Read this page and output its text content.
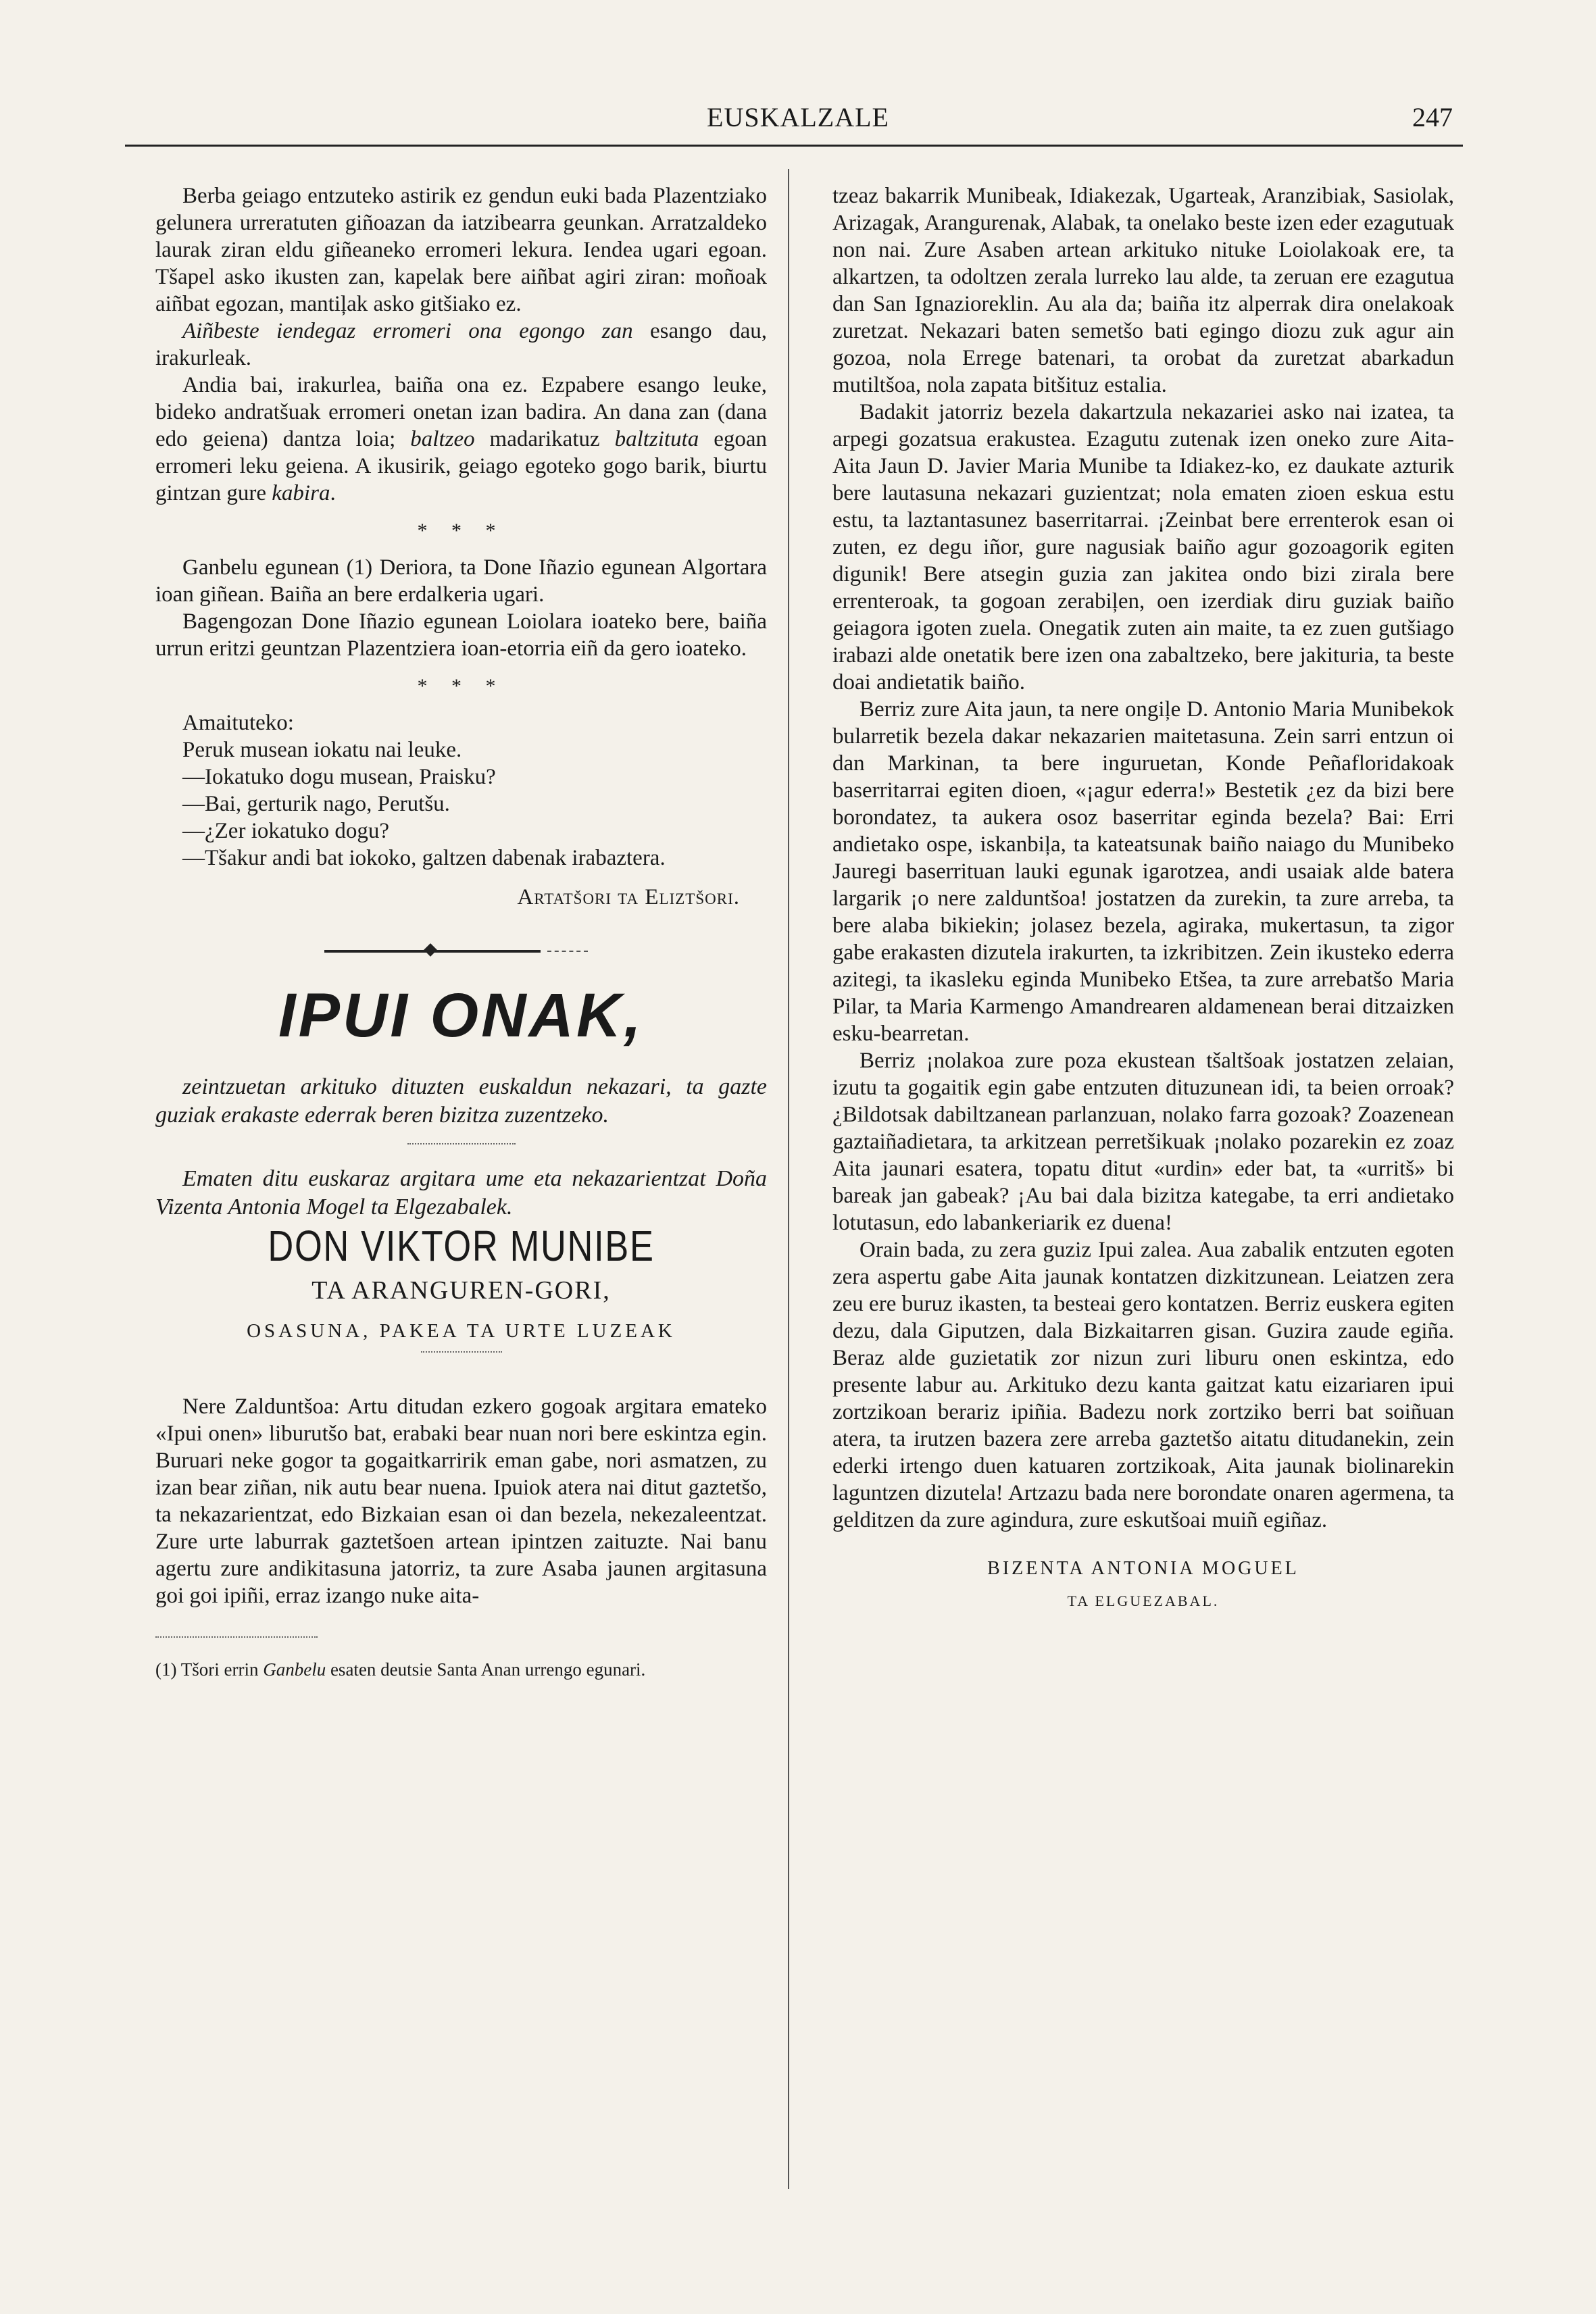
EUSKALZALE	247

Berba geiago entzuteko astirik ez gendun euki bada Plazentziako gelunera urreratuten giñoazan da iatzibearra geunkan. Arratzaldeko laurak ziran eldu giñeaneko erromeri lekura. Iendea ugari egoan. Tšapel asko ikusten zan, kapelak bere aiñbat agiri ziran: moñoak aiñbat egozan, mantiļak asko gitšiako ez.

Aiñbeste iendegaz erromeri ona egongo zan esango dau, irakurleak.

Andia bai, irakurlea, baiña ona ez. Ezpabere esango leuke, bideko andratšuak erromeri onetan izan badira. An dana zan (dana edo geiena) dantza loia; baltzeo madarikatuz baltzituta egoan erromeri leku geiena. A ikusirik, geiago egoteko gogo barik, biurtu gintzan gure kabira.

* * *

Ganbelu egunean (1) Deriora, ta Done Iñazio egunean Algortara ioan giñean. Baiña an bere erdalkeria ugari.

Bagengozan Done Iñazio egunean Loiolara ioateko bere, baiña urrun eritzi geuntzan Plazentziera ioan-etorria eiñ da gero ioateko.

* * *

Amaituteko:

Peruk musean iokatu nai leuke.

—Iokatuko dogu musean, Praisku?

—Bai, gerturik nago, Perutšu.

—¿Zer iokatuko dogu?

—Tšakur andi bat iokoko, galtzen dabenak irabaztera.

Artatšori ta Eliztšori.
IPUI ONAK,

zeintzuetan arkituko dituzten euskaldun nekazari, ta gazte guziak erakaste ederrak beren bizitza zuzentzeko.

Ematen ditu euskaraz argitara ume eta nekazarientzat Doña Vizenta Antonia Mogel ta Elgezabalek.

DON VIKTOR MUNIBE
TA ARANGUREN-GORI,
OSASUNA, PAKEA TA URTE LUZEAK

Nere Zalduntšoa: Artu ditudan ezkero gogoak argitara emateko «Ipui onen» liburutšo bat, erabaki bear nuan nori bere eskintza egin. Buruari neke gogor ta gogaitkarririk eman gabe, nori asmatzen, zu izan bear ziñan, nik autu bear nuena. Ipuiok atera nai ditut gaztetšo, ta nekazarientzat, edo Bizkaian esan oi dan bezela, nekezaleentzat. Zure urte laburrak gaztetšoen artean ipintzen zaituzte. Nai banu agertu zure andikitasuna jatorriz, ta zure Asaba jaunen argitasuna goi goi ipiñi, erraz izango nuke aita-

(1) Tšori errin Ganbelu esaten deutsie Santa Anan urrengo egunari.

tzeaz bakarrik Munibeak, Idiakezak, Ugarteak, Aranzibiak, Sasiolak, Arizagak, Arangurenak, Alabak, ta onelako beste izen eder ezagutuak non nai. Zure Asaben artean arkituko nituke Loiolakoak ere, ta alkartzen, ta odoltzen zerala lurreko lau alde, ta zeruan ere ezagutua dan San Ignazioreklin. Au ala da; baiña itz alperrak dira onelakoak zuretzat. Nekazari baten semetšo bati egingo diozu zuk agur ain gozoa, nola Errege batenari, ta orobat da zuretzat abarkadun mutiltšoa, nola zapata bitšituz estalia.

Badakit jatorriz bezela dakartzula nekazariei asko nai izatea, ta arpegi gozatsua erakustea. Ezagutu zutenak izen oneko zure Aita-Aita Jaun D. Javier Maria Munibe ta Idiakez-ko, ez daukate azturik bere lautasuna nekazari guzientzat; nola ematen zioen eskua estu estu, ta laztantasunez baserritarrai. ¡Zeinbat bere errenterok esan oi zuten, ez degu iñor, gure nagusiak baiño agur gozoagorik egiten digunik! Bere atsegin guzia zan jakitea ondo bizi zirala bere errenteroak, ta gogoan zerabiļen, oen izerdiak diru guziak baiño geiagora igoten zuela. Onegatik zuten ain maite, ta ez zuen gutšiago irabazi alde onetatik bere izen ona zabaltzeko, bere jakituria, ta beste doai andietatik baiño.

Berriz zure Aita jaun, ta nere ongiļe D. Antonio Maria Munibekok bularretik bezela dakar nekazarien maitetasuna. Zein sarri entzun oi dan Markinan, ta bere inguruetan, Konde Peñafloridakoak baserritarrai egiten dioen, «¡agur ederra!» Bestetik ¿ez da bizi bere borondatez, ta aukera osoz baserritar eginda bezela? Bai: Erri andietako ospe, iskanbiļa, ta kateatsunak baiño naiago du Munibeko Jauregi baserrituan lauki egunak igarotzea, andi usaiak alde batera largarik ¡o nere zalduntšoa! jostatzen da zurekin, ta zure arreba, ta bere alaba bikiekin; jolasez bezela, agiraka, mukertasun, ta zigor gabe erakasten dizutela irakurten, ta izkribitzen. Zein ikusteko ederra azitegi, ta ikasleku eginda Munibeko Etšea, ta zure arrebatšo Maria Pilar, ta Maria Karmengo Amandrearen aldamenean berai ditzaizken esku-bearretan.

Berriz ¡nolakoa zure poza ekustean tšaltšoak jostatzen zelaian, izutu ta gogaitik egin gabe entzuten dituzunean idi, ta beien orroak? ¿Bildotsak dabiltzanean parlanzuan, nolako farra gozoak? Zoazenean gaztaiñadietara, ta arkitzean perretšikuak ¡nolako pozarekin ez zoaz Aita jaunari esatera, topatu ditut «urdin» eder bat, ta «urritš» bi bareak jan gabeak? ¡Au bai dala bizitza kategabe, ta erri andietako lotutasun, edo labankeriarik ez duena!

Orain bada, zu zera guziz Ipui zalea. Aua zabalik entzuten egoten zera aspertu gabe Aita jaunak kontatzen dizkitzunean. Leiatzen zera zeu ere buruz ikasten, ta besteai gero kontatzen. Berriz euskera egiten dezu, dala Giputzen, dala Bizkaitarren gisan. Guzira zaude egiña. Beraz alde guzietatik zor nizun zuri liburu onen eskintza, edo presente labur au. Arkituko dezu kanta gaitzat katu eizariaren ipui zortzikoan berariz ipiñia. Badezu nork zortziko berri bat soiñuan atera, ta irutzen bazera zere arreba gaztetšo aitatu ditudanekin, zein ederki irtengo duen katuaren zortzikoak, Aita jaunak biolinarekin laguntzen dizutela! Artzazu bada nere borondate onaren agermena, ta gelditzen da zure agindura, zure eskutšoai muiñ egiñaz.

BIZENTA ANTONIA MOGUEL
TA ELGUEZABAL.
